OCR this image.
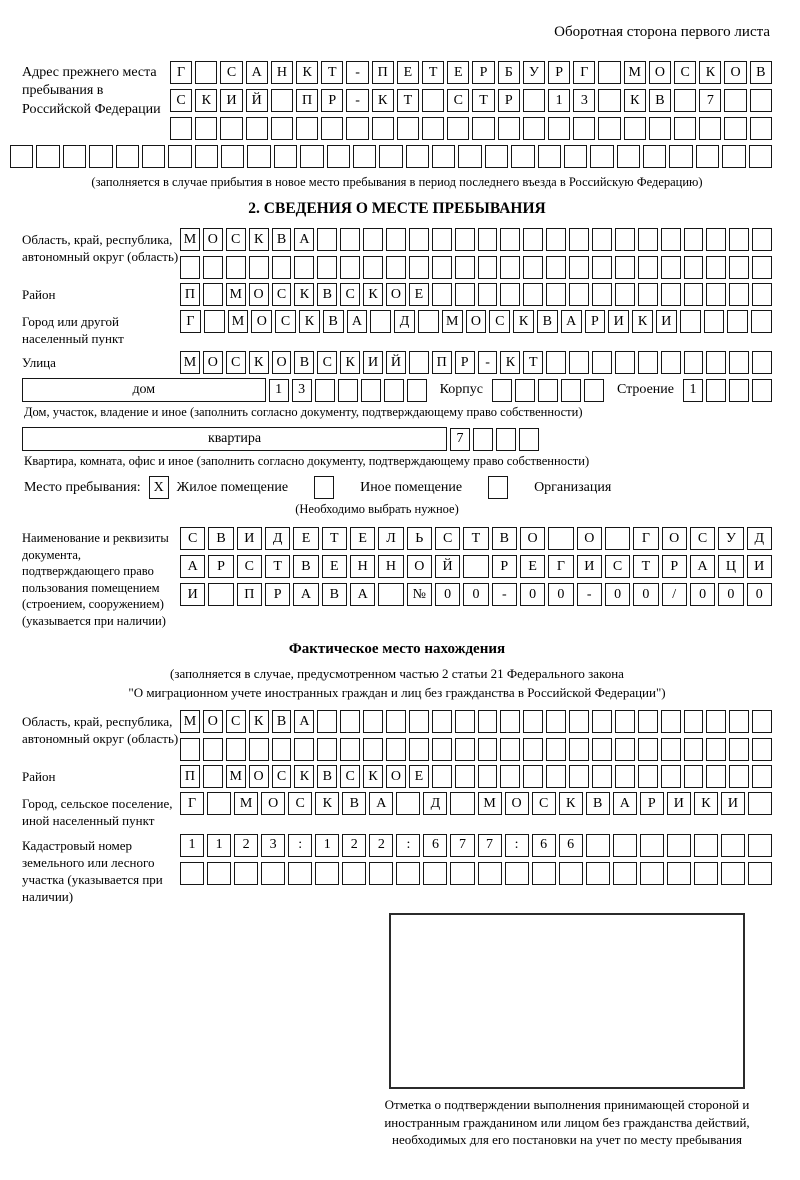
Оборотная сторона первого листа
Адрес прежнего места пребывания в Российской Федерации
Г	С	А	Н	К	Т	-	П	Е	Т	Е	Р	Б	У	Р	Г	М О	С	К	О	В
С	К	И	Й	П	Р	-	К	Т	С	Т	Р	1	3	К	В	7
(заполняется в случае прибытия в новое место пребывания в период последнего въезда в Российскую Федерацию)
2. СВЕДЕНИЯ О МЕСТЕ ПРЕБЫВАНИЯ
Область, край, республика, автономный округ (область)
М О С К В А
Район	П	М О С К В С К О Е
Город или другой населенный пункт
Г	М О	С	К	В	А	Д	М О	С	К	В	А	Р	И	К	И
Улица	М О С К О В С К И Й	П Р	-	К Т
дом	1	3	Корпус	Строение	1
Дом, участок, владение и иное (заполнить согласно документу, подтверждающему право собственности)
квартира	7
Квартира, комната, офис и иное (заполнить согласно документу, подтверждающему право собственности)
Место пребывания: X Жилое помещение	Иное помещение	Организация
(Необходимо выбрать нужное)
Наименование и реквизиты документа, подтверждающего право пользования помещением (строением, сооружением) (указывается при наличии)
С	В	И	Д	Е	Т	Е	Л	Ь	С	Т	В	О	О	Г	О	С	У	Д
А	Р	С	Т	В	Е	Н	Н	О	Й	Р	Е	Г	И	С	Т	Р	А	Ц	И
И	П	Р	А	В	А	№	0	0	-	0	0	-	0	0	/	0	0	0
Фактическое место нахождения
(заполняется в случае, предусмотренном частью 2 статьи 21 Федерального закона
"О миграционном учете иностранных граждан и лиц без гражданства в Российской Федерации")
Область, край, республика, автономный округ (область)
М О С К В А
Район	П	М О С К В С К О Е
Город, сельское поселение, иной населенный пункт
Г	М	О	С	К	В	А	Д	М	О	С	К	В	А	Р	И	К	И
Кадастровый номер земельного или лесного участка (указывается при наличии)
1	1	2	3	:	1	2	2	:	6	7	7	:	6	6
Отметка о подтверждении выполнения принимающей стороной и иностранным гражданином или лицом без гражданства действий, необходимых для его постановки на учет по месту пребывания
